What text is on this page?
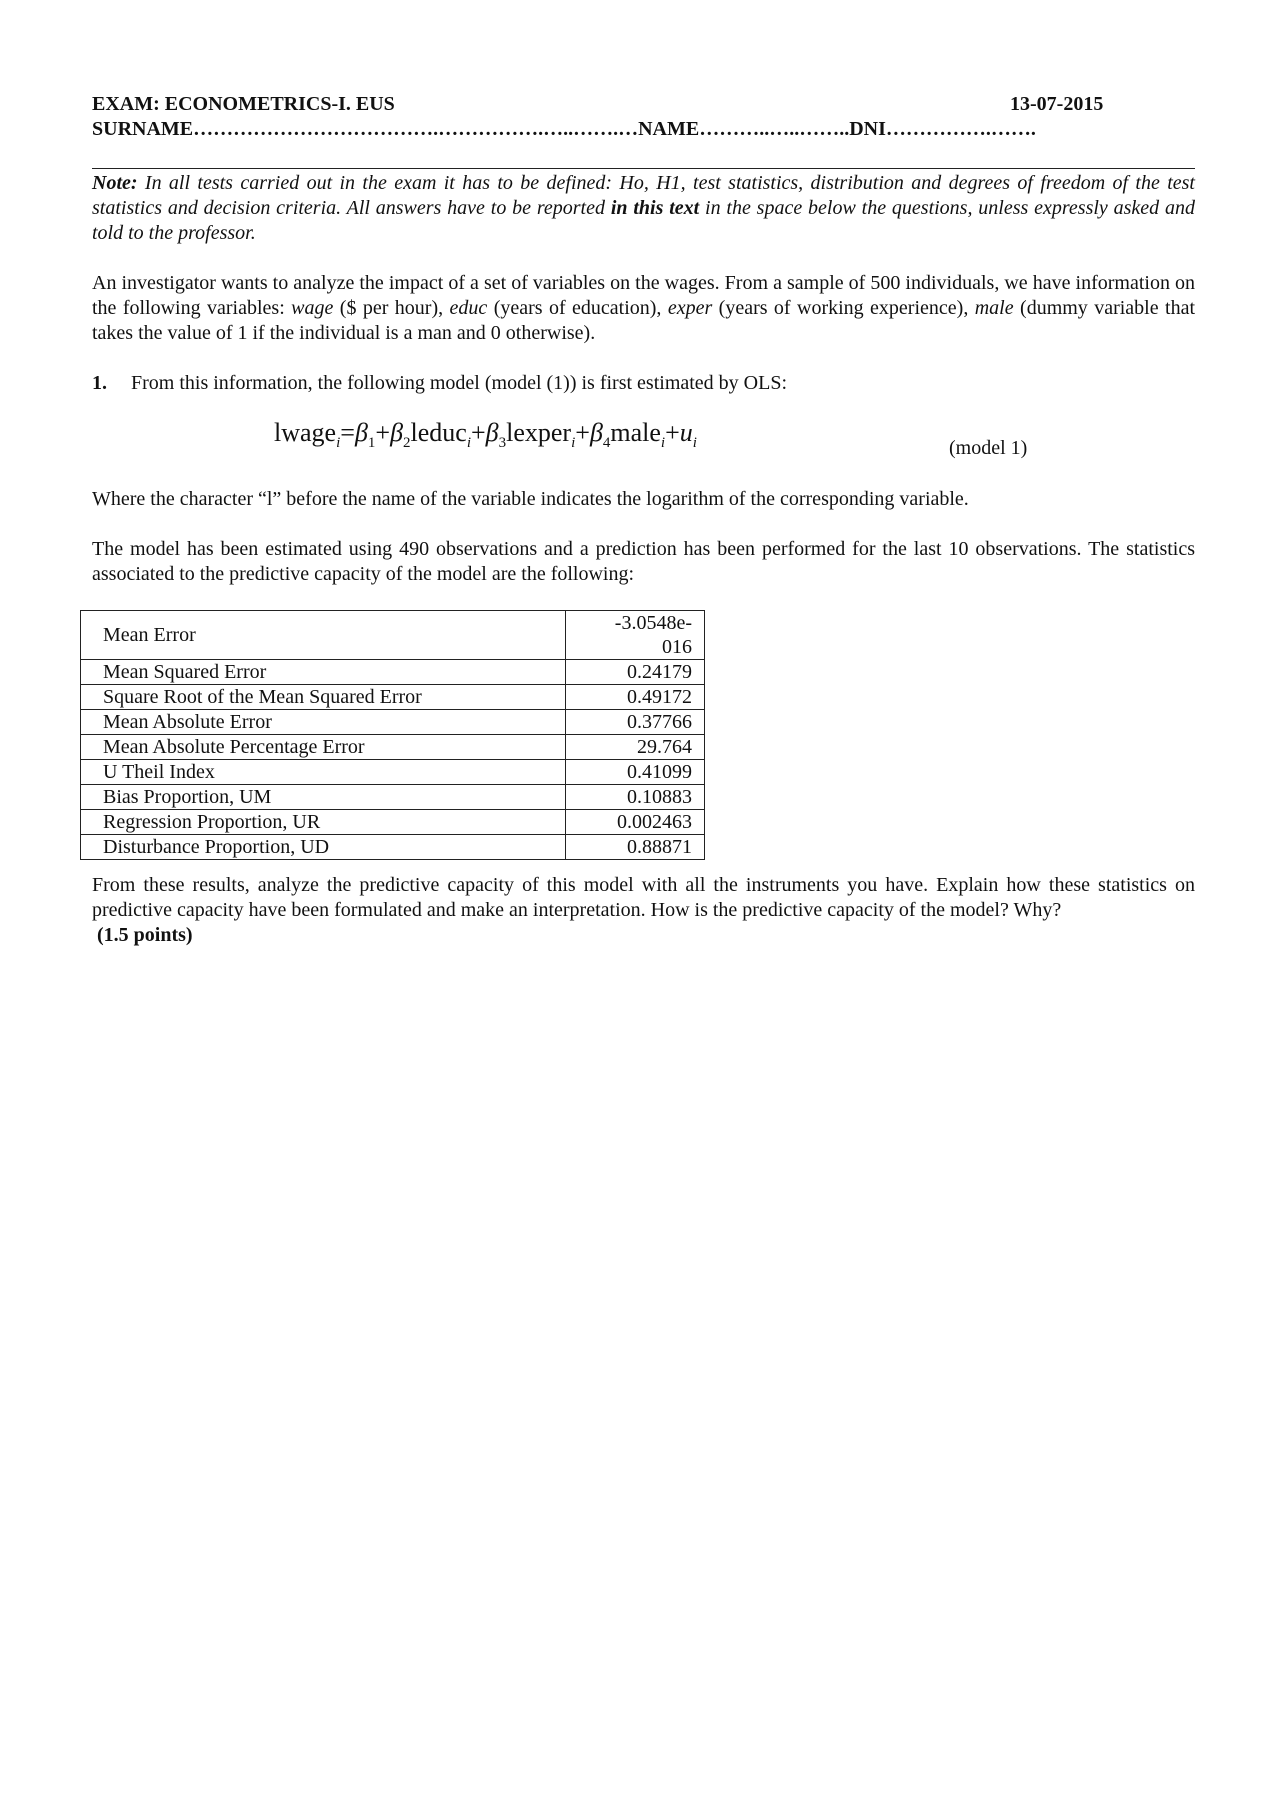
EXAM: ECONOMETRICS-I. EUS	13-07-2015
SURNAME……………………………….…………….…..…….…NAME………..…..……..DNI…………….…….
Note: In all tests carried out in the exam it has to be defined: Ho, H1, test statistics, distribution and degrees of freedom of the test statistics and decision criteria. All answers have to be reported in this text in the space below the questions, unless expressly asked and told to the professor.
An investigator wants to analyze the impact of a set of variables on the wages. From a sample of 500 individuals, we have information on the following variables: wage ($ per hour), educ (years of education), exper (years of working experience), male (dummy variable that takes the value of 1 if the individual is a man and 0 otherwise).
1. From this information, the following model (model (1)) is first estimated by OLS:
$lwage_i=\beta_1+\beta_2leduc_i+\beta_3lexper_i+\beta_4male_i+u_i$	(model 1)
Where the character “l” before the name of the variable indicates the logarithm of the corresponding variable.
The model has been estimated using 490 observations and a prediction has been performed for the last 10 observations. The statistics associated to the predictive capacity of the model are the following:
Mean Error	-3.0548e-016
Mean Squared Error	0.24179
Square Root of the Mean Squared Error	0.49172
Mean Absolute Error	0.37766
Mean Absolute Percentage Error	29.764
U Theil Index	0.41099
Bias Proportion, UM	0.10883
Regression Proportion, UR	0.002463
Disturbance Proportion, UD	0.88871
From these results, analyze the predictive capacity of this model with all the instruments you have. Explain how these statistics on predictive capacity have been formulated and make an interpretation. How is the predictive capacity of the model? Why?
(1.5 points)
